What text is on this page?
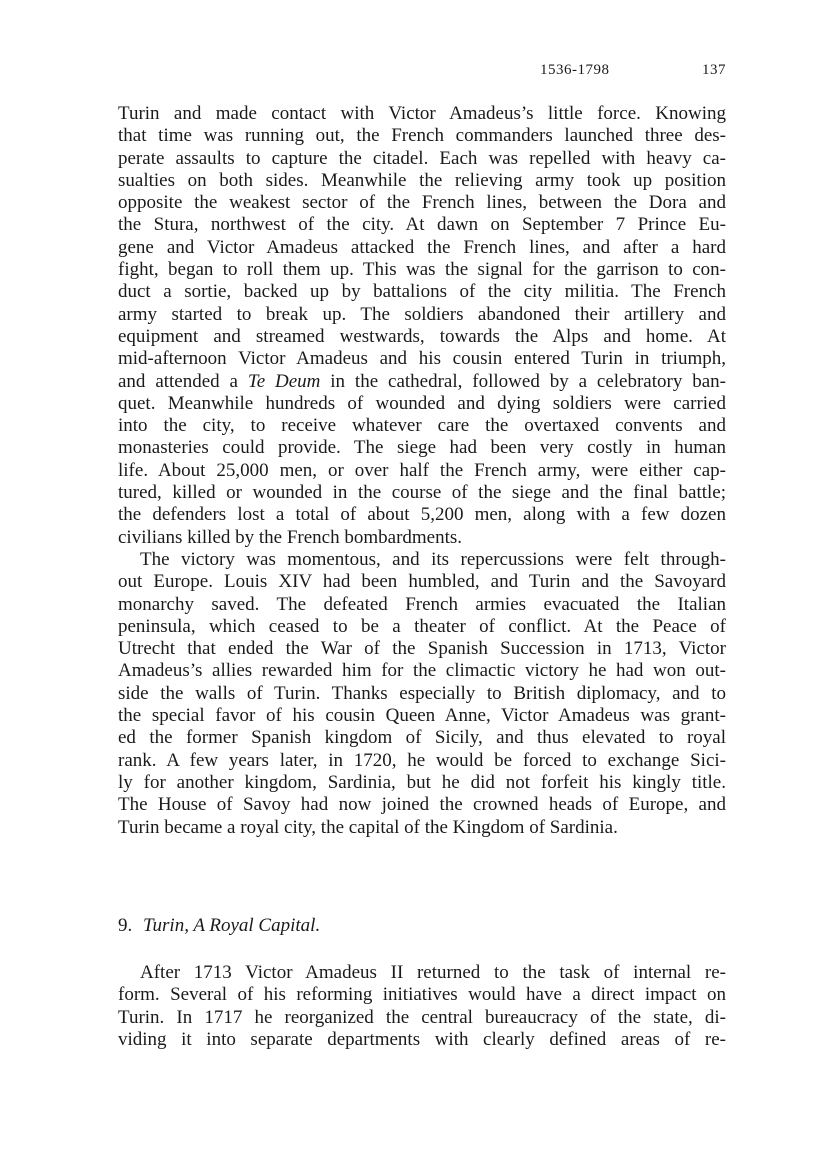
1536-1798	137
Turin and made contact with Victor Amadeus’s little force. Knowing
that time was running out, the French commanders launched three des-
perate assaults to capture the citadel. Each was repelled with heavy ca-
sualties on both sides. Meanwhile the relieving army took up position
opposite the weakest sector of the French lines, between the Dora and
the Stura, northwest of the city. At dawn on September 7 Prince Eu-
gene and Victor Amadeus attacked the French lines, and after a hard
fight, began to roll them up. This was the signal for the garrison to con-
duct a sortie, backed up by battalions of the city militia. The French
army started to break up. The soldiers abandoned their artillery and
equipment and streamed westwards, towards the Alps and home. At
mid-afternoon Victor Amadeus and his cousin entered Turin in triumph,
and attended a Te Deum in the cathedral, followed by a celebratory ban-
quet. Meanwhile hundreds of wounded and dying soldiers were carried
into the city, to receive whatever care the overtaxed convents and
monasteries could provide. The siege had been very costly in human
life. About 25,000 men, or over half the French army, were either cap-
tured, killed or wounded in the course of the siege and the final battle;
the defenders lost a total of about 5,200 men, along with a few dozen
civilians killed by the French bombardments.
The victory was momentous, and its repercussions were felt through-
out Europe. Louis XIV had been humbled, and Turin and the Savoyard
monarchy saved. The defeated French armies evacuated the Italian
peninsula, which ceased to be a theater of conflict. At the Peace of
Utrecht that ended the War of the Spanish Succession in 1713, Victor
Amadeus’s allies rewarded him for the climactic victory he had won out-
side the walls of Turin. Thanks especially to British diplomacy, and to
the special favor of his cousin Queen Anne, Victor Amadeus was grant-
ed the former Spanish kingdom of Sicily, and thus elevated to royal
rank. A few years later, in 1720, he would be forced to exchange Sici-
ly for another kingdom, Sardinia, but he did not forfeit his kingly title.
The House of Savoy had now joined the crowned heads of Europe, and
Turin became a royal city, the capital of the Kingdom of Sardinia.
9. Turin, A Royal Capital.
After 1713 Victor Amadeus II returned to the task of internal re-
form. Several of his reforming initiatives would have a direct impact on
Turin. In 1717 he reorganized the central bureaucracy of the state, di-
viding it into separate departments with clearly defined areas of re-
